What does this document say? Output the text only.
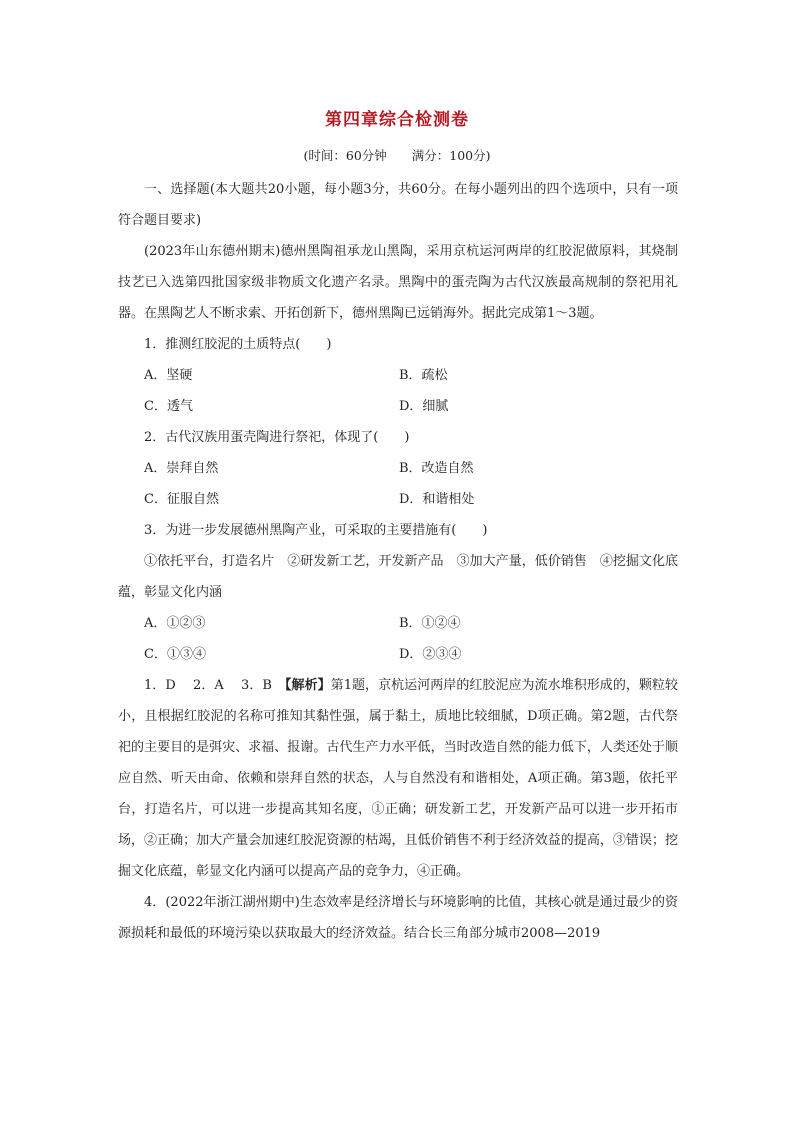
第四章综合检测卷
(时间：60分钟　　满分：100分)

一、选择题(本大题共20小题，每小题3分，共60分。在每小题列出的四个选项中，只有一项符合题目要求)

(2023年山东德州期末)德州黑陶祖承龙山黑陶，采用京杭运河两岸的红胶泥做原料，其烧制技艺已入选第四批国家级非物质文化遗产名录。黑陶中的蛋壳陶为古代汉族最高规制的祭祀用礼器。在黑陶艺人不断求索、开拓创新下，德州黑陶已远销海外。据此完成第1～3题。

1．推测红胶泥的土质特点(　　)

A．坚硬	B．疏松
C．透气	D．细腻

2．古代汉族用蛋壳陶进行祭祀，体现了(　　)

A．崇拜自然	B．改造自然
C．征服自然	D．和谐相处

3．为进一步发展德州黑陶产业，可采取的主要措施有(　　)

①依托平台，打造名片　②研发新工艺，开发新产品　③加大产量，低价销售　④挖掘文化底蕴，彰显文化内涵

A．①②③	B．①②④
C．①③④	D．②③④

1．D　 2．A　 3．B　【解析】第1题，京杭运河两岸的红胶泥应为流水堆积形成的，颗粒较小，且根据红胶泥的名称可推知其黏性强，属于黏土，质地比较细腻，D项正确。第2题，古代祭祀的主要目的是弭灾、求福、报谢。古代生产力水平低，当时改造自然的能力低下，人类还处于顺应自然、听天由命、依赖和崇拜自然的状态，人与自然没有和谐相处，A项正确。第3题，依托平台，打造名片，可以进一步提高其知名度，①正确；研发新工艺，开发新产品可以进一步开拓市场，②正确；加大产量会加速红胶泥资源的枯竭，且低价销售不利于经济效益的提高，③错误；挖掘文化底蕴，彰显文化内涵可以提高产品的竞争力，④正确。

4．(2022年浙江湖州期中)生态效率是经济增长与环境影响的比值，其核心就是通过最少的资源损耗和最低的环境污染以获取最大的经济效益。结合长三角部分城市2008—2019
